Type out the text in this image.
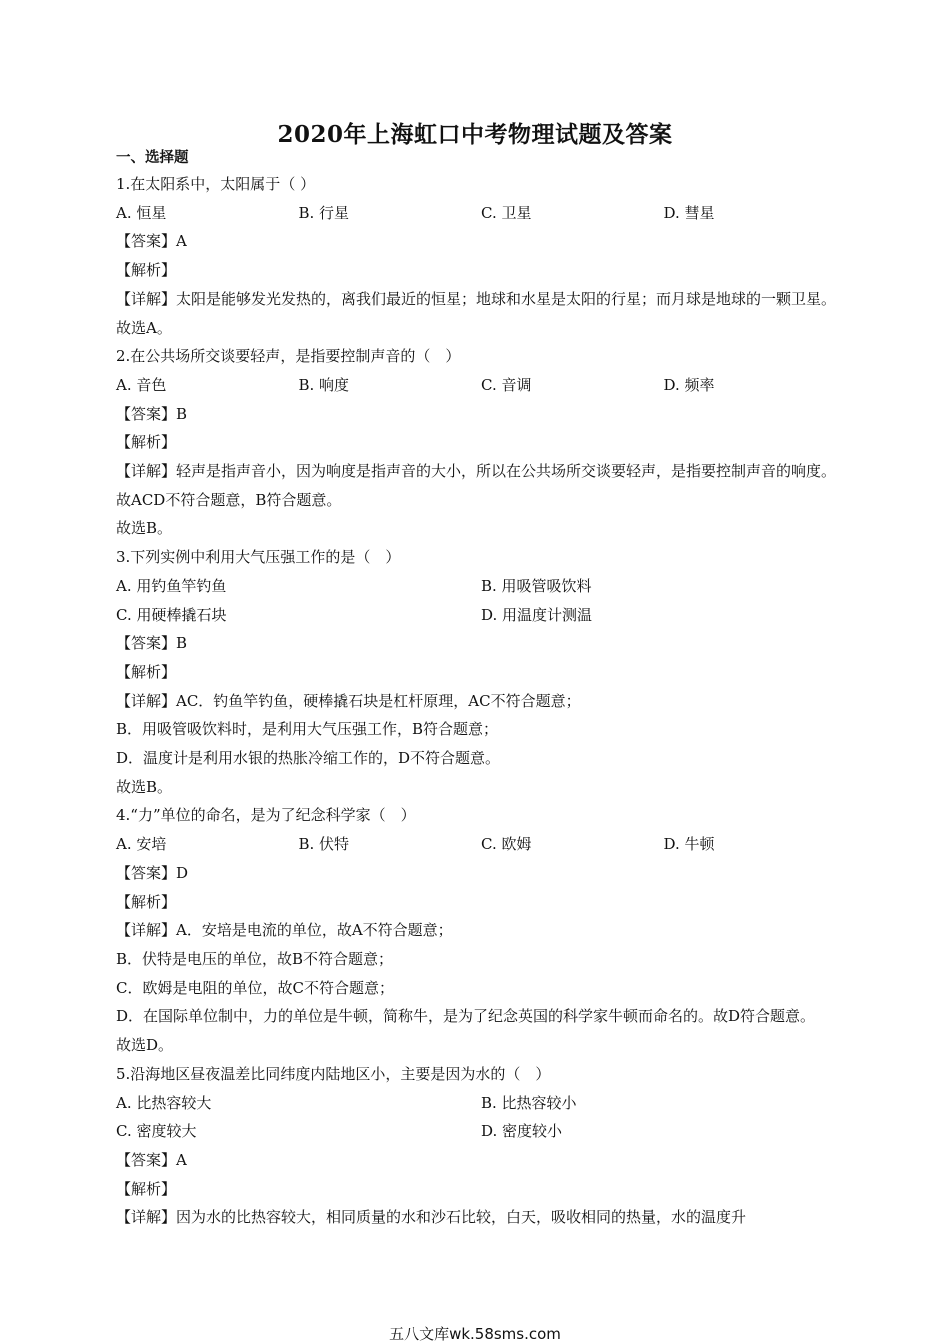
2020年上海虹口中考物理试题及答案
一、选择题
1.在太阳系中，太阳属于（ ）
A. 恒星	B. 行星	C. 卫星	D. 彗星
【答案】A
【解析】
【详解】太阳是能够发光发热的，离我们最近的恒星；地球和水星是太阳的行星；而月球是地球的一颗卫星。
故选A。
2.在公共场所交谈要轻声，是指要控制声音的（　）
A. 音色	B. 响度	C. 音调	D. 频率
【答案】B
【解析】
【详解】轻声是指声音小，因为响度是指声音的大小，所以在公共场所交谈要轻声，是指要控制声音的响度。故ACD不符合题意，B符合题意。
故选B。
3.下列实例中利用大气压强工作的是（　）
A. 用钓鱼竿钓鱼	B. 用吸管吸饮料
C. 用硬棒撬石块	D. 用温度计测温
【答案】B
【解析】
【详解】AC．钓鱼竿钓鱼，硬棒撬石块是杠杆原理，AC不符合题意；
B．用吸管吸饮料时，是利用大气压强工作，B符合题意；
D．温度计是利用水银的热胀冷缩工作的，D不符合题意。
故选B。
4.“力”单位的命名，是为了纪念科学家（　）
A. 安培	B. 伏特	C. 欧姆	D. 牛顿
【答案】D
【解析】
【详解】A．安培是电流的单位，故A不符合题意；
B．伏特是电压的单位，故B不符合题意；
C．欧姆是电阻的单位，故C不符合题意；
D．在国际单位制中，力的单位是牛顿，简称牛，是为了纪念英国的科学家牛顿而命名的。故D符合题意。
故选D。
5.沿海地区昼夜温差比同纬度内陆地区小，主要是因为水的（　）
A. 比热容较大	B. 比热容较小
C. 密度较大	D. 密度较小
【答案】A
【解析】
【详解】因为水的比热容较大，相同质量的水和沙石比较，白天，吸收相同的热量，水的温度升
五八文库wk.58sms.com
